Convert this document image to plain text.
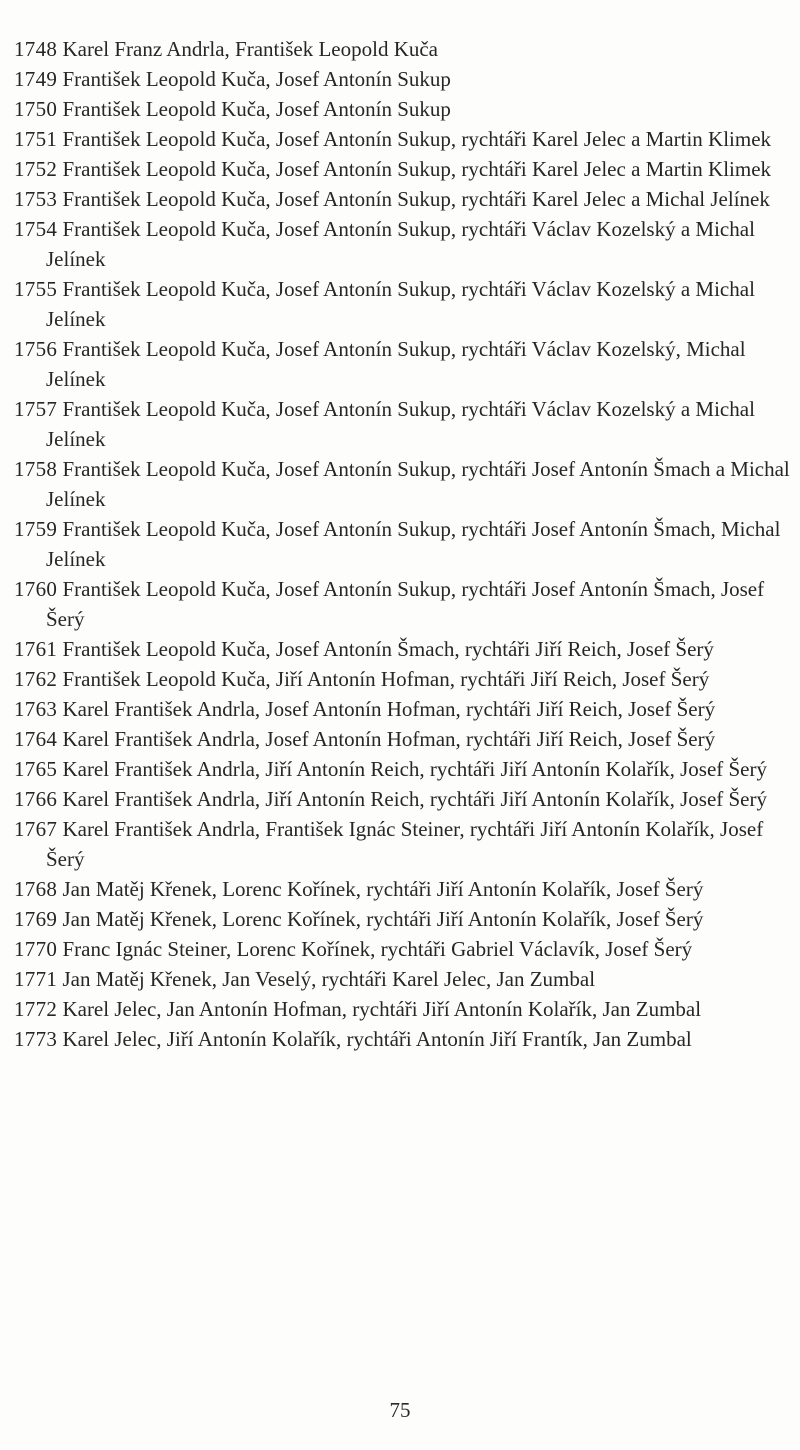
1748 Karel Franz Andrla, František Leopold Kuča
1749 František Leopold Kuča, Josef Antonín Sukup
1750 František Leopold Kuča, Josef Antonín Sukup
1751 František Leopold Kuča, Josef Antonín Sukup, rychtáři Karel Jelec a Martin Klimek
1752 František Leopold Kuča, Josef Antonín Sukup, rychtáři Karel Jelec a Martin Klimek
1753 František Leopold Kuča, Josef Antonín Sukup, rychtáři Karel Jelec a Michal Jelínek
1754 František Leopold Kuča, Josef Antonín Sukup, rychtáři Václav Kozelský a Michal Jelínek
1755 František Leopold Kuča, Josef Antonín Sukup, rychtáři Václav Kozelský a Michal Jelínek
1756 František Leopold Kuča, Josef Antonín Sukup, rychtáři Václav Kozelský, Michal Jelínek
1757 František Leopold Kuča, Josef Antonín Sukup, rychtáři Václav Kozelský a Michal Jelínek
1758 František Leopold Kuča, Josef Antonín Sukup, rychtáři Josef Antonín Šmach a Michal Jelínek
1759 František Leopold Kuča, Josef Antonín Sukup, rychtáři Josef Antonín Šmach, Michal Jelínek
1760 František Leopold Kuča, Josef Antonín Sukup, rychtáři Josef Antonín Šmach, Josef Šerý
1761 František Leopold Kuča, Josef Antonín Šmach, rychtáři Jiří Reich, Josef Šerý
1762 František Leopold Kuča, Jiří Antonín Hofman, rychtáři Jiří Reich, Josef Šerý
1763 Karel František Andrla, Josef Antonín Hofman, rychtáři Jiří Reich, Josef Šerý
1764 Karel František Andrla, Josef Antonín Hofman, rychtáři Jiří Reich, Josef Šerý
1765 Karel František Andrla, Jiří Antonín Reich, rychtáři Jiří Antonín Kolařík, Josef Šerý
1766 Karel František Andrla, Jiří Antonín Reich, rychtáři Jiří Antonín Kolařík, Josef Šerý
1767 Karel František Andrla, František Ignác Steiner, rychtáři Jiří Antonín Kolařík, Josef Šerý
1768 Jan Matěj Křenek, Lorenc Kořínek, rychtáři Jiří Antonín Kolařík, Josef Šerý
1769 Jan Matěj Křenek, Lorenc Kořínek, rychtáři Jiří Antonín Kolařík, Josef Šerý
1770 Franc Ignác Steiner, Lorenc Kořínek, rychtáři Gabriel Václavík, Josef Šerý
1771 Jan Matěj Křenek, Jan Veselý, rychtáři Karel Jelec, Jan Zumbal
1772 Karel Jelec, Jan Antonín Hofman, rychtáři Jiří Antonín Kolařík, Jan Zumbal
1773 Karel Jelec, Jiří Antonín Kolařík, rychtáři Antonín Jiří Frantík, Jan Zumbal
75
